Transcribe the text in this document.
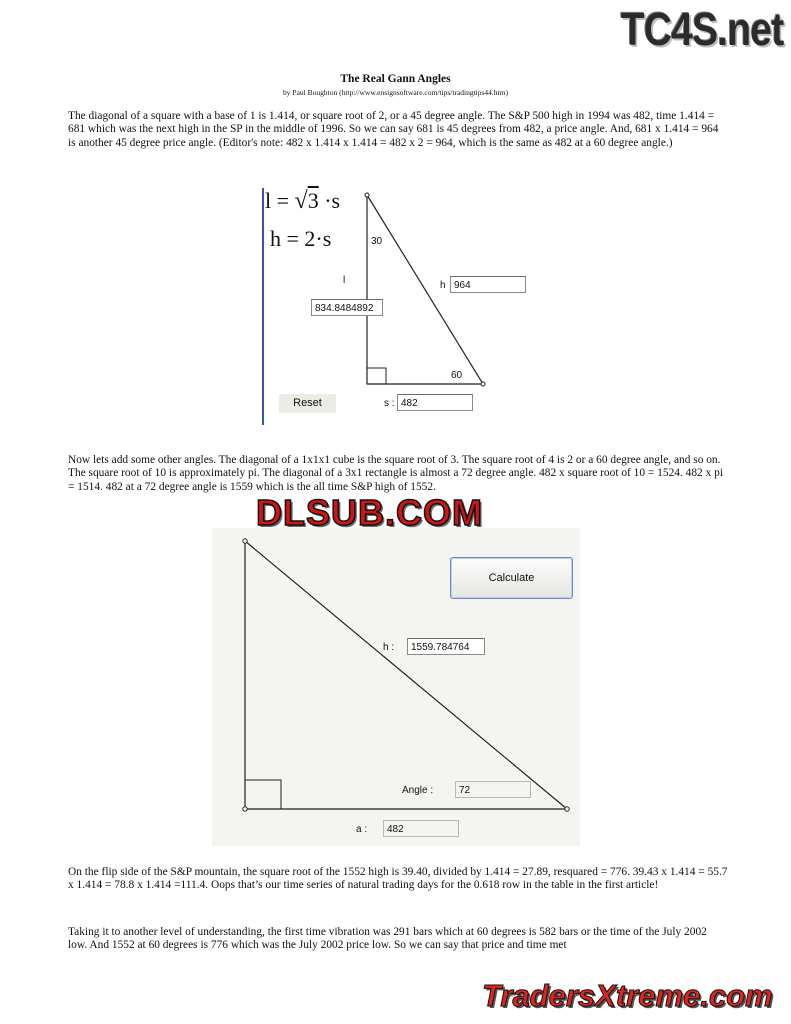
TC4S.net
The Real Gann Angles
by Paul Boughton (http://www.ensignsoftware.com/tips/tradingtips44.htm)

The diagonal of a square with a base of 1 is 1.414, or square root of 2, or a 45 degree angle. The S&P 500 high in 1994 was 482, time 1.414 = 681 which was the next high in the SP in the middle of 1996. So we can say 681 is 45 degrees from 482, a price angle. And, 681 x 1.414 = 964 is another 45 degree price angle. (Editor's note: 482 x 1.414 x 1.414 = 482 x 2 = 964, which is the same as 482 at a 60 degree angle.)

l = √3 ·s
h = 2·s	30
60
l	h
834.8484892
964
s : 482
Reset

Now lets add some other angles. The diagonal of a 1x1x1 cube is the square root of 3. The square root of 4 is 2 or a 60 degree angle, and so on. The square root of 10 is approximately pi. The diagonal of a 3x1 rectangle is almost a 72 degree angle. 482 x square root of 10 = 1524. 482 x pi = 1514. 482 at a 72 degree angle is 1559 which is the all time S&P high of 1552.

Calculate
h :	1559.784764
Angle :	72
a :	482
DLSUB.COM

On the flip side of the S&P mountain, the square root of the 1552 high is 39.40, divided by 1.414 = 27.89, resquared = 776. 39.43 x 1.414 = 55.7 x 1.414 = 78.8 x 1.414 =111.4. Oops that’s our time series of natural trading days for the 0.618 row in the table in the first article!

Taking it to another level of understanding, the first time vibration was 291 bars which at 60 degrees is 582 bars or the time of the July 2002 low. And 1552 at 60 degrees is 776 which was the July 2002 price low. So we can say that price and time met

TradersXtreme.com
